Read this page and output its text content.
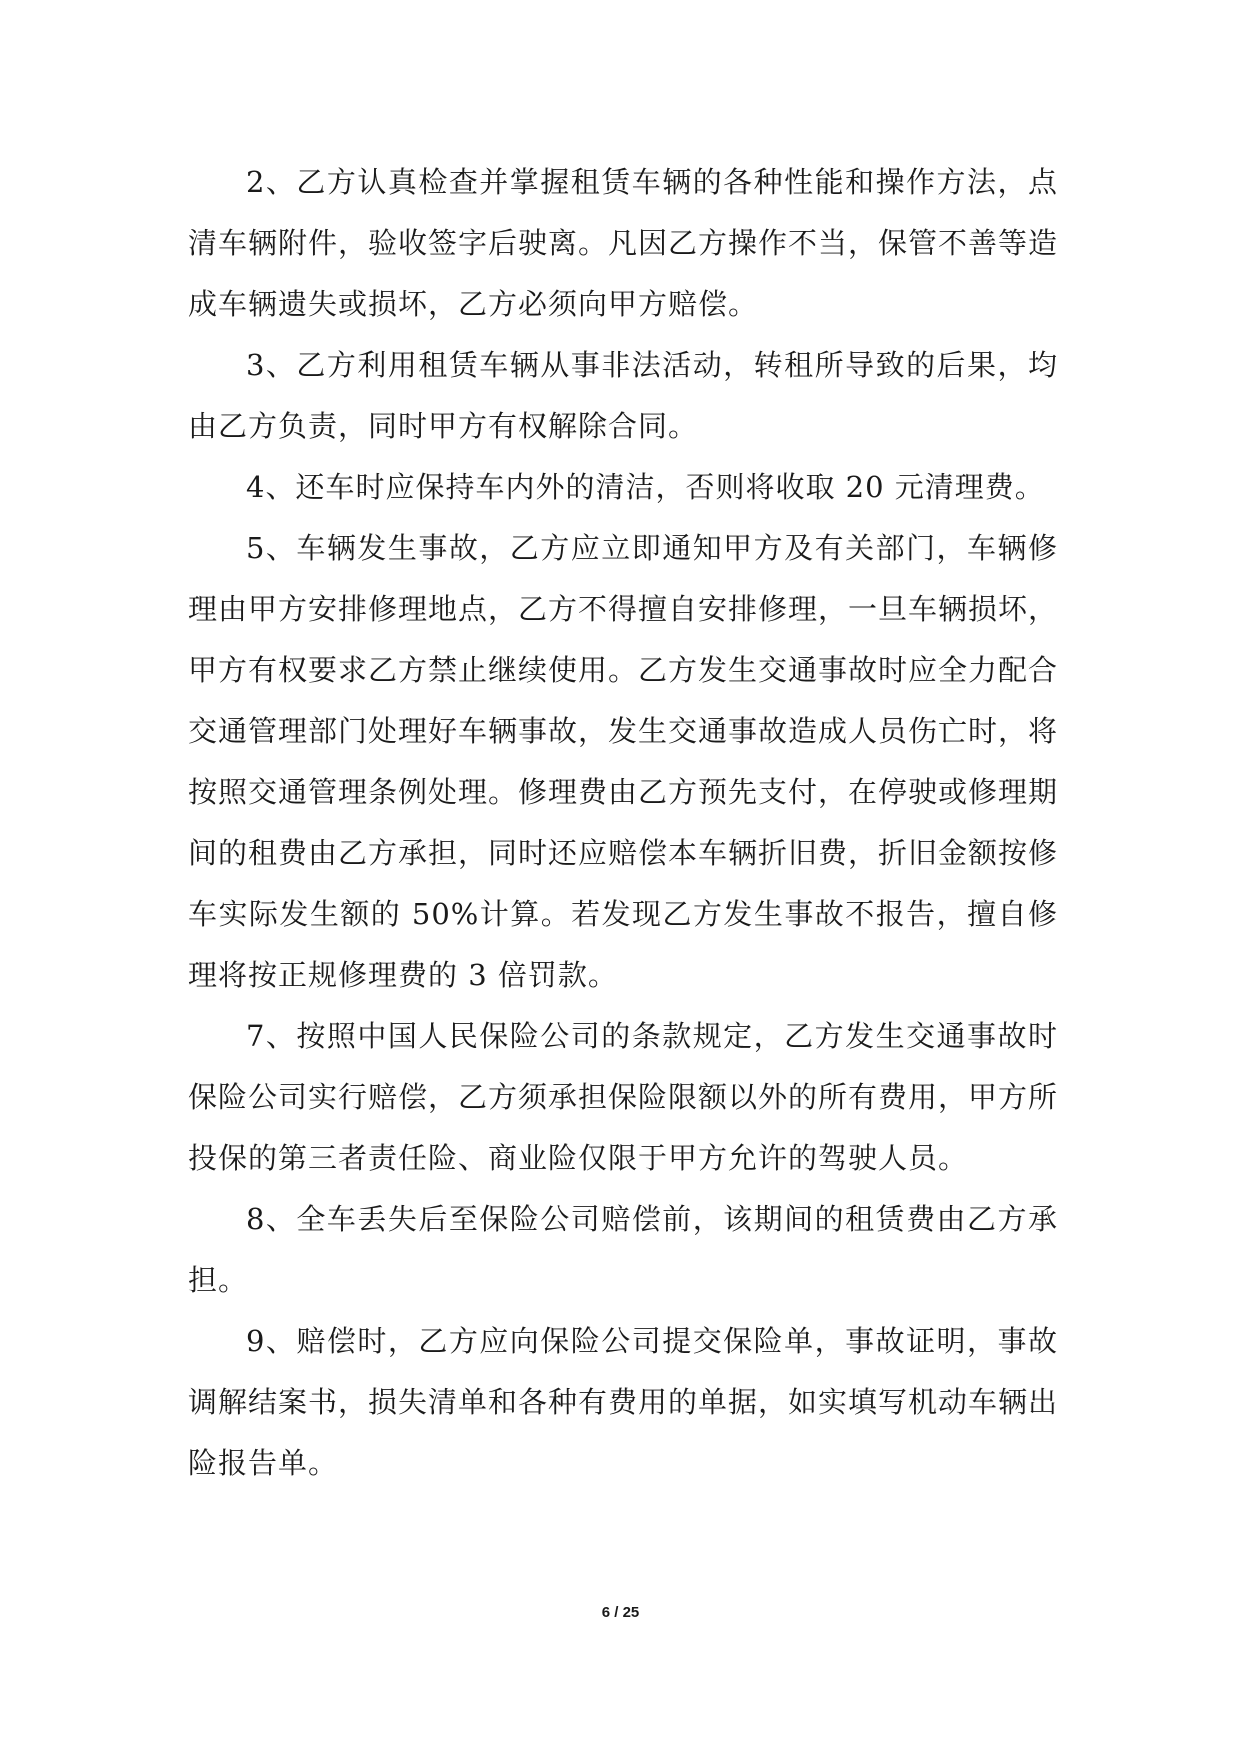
2、乙方认真检查并掌握租赁车辆的各种性能和操作方法，点清车辆附件，验收签字后驶离。凡因乙方操作不当，保管不善等造成车辆遗失或损坏，乙方必须向甲方赔偿。

3、乙方利用租赁车辆从事非法活动，转租所导致的后果，均由乙方负责，同时甲方有权解除合同。

4、还车时应保持车内外的清洁，否则将收取 20 元清理费。

5、车辆发生事故，乙方应立即通知甲方及有关部门，车辆修理由甲方安排修理地点，乙方不得擅自安排修理，一旦车辆损坏，甲方有权要求乙方禁止继续使用。乙方发生交通事故时应全力配合交通管理部门处理好车辆事故，发生交通事故造成人员伤亡时，将按照交通管理条例处理。修理费由乙方预先支付，在停驶或修理期间的租费由乙方承担，同时还应赔偿本车辆折旧费，折旧金额按修车实际发生额的 50%计算。若发现乙方发生事故不报告，擅自修理将按正规修理费的 3 倍罚款。

7、按照中国人民保险公司的条款规定，乙方发生交通事故时保险公司实行赔偿，乙方须承担保险限额以外的所有费用，甲方所投保的第三者责任险、商业险仅限于甲方允许的驾驶人员。

8、全车丢失后至保险公司赔偿前，该期间的租赁费由乙方承担。

9、赔偿时，乙方应向保险公司提交保险单，事故证明，事故调解结案书，损失清单和各种有费用的单据，如实填写机动车辆出险报告单。

6 / 25
